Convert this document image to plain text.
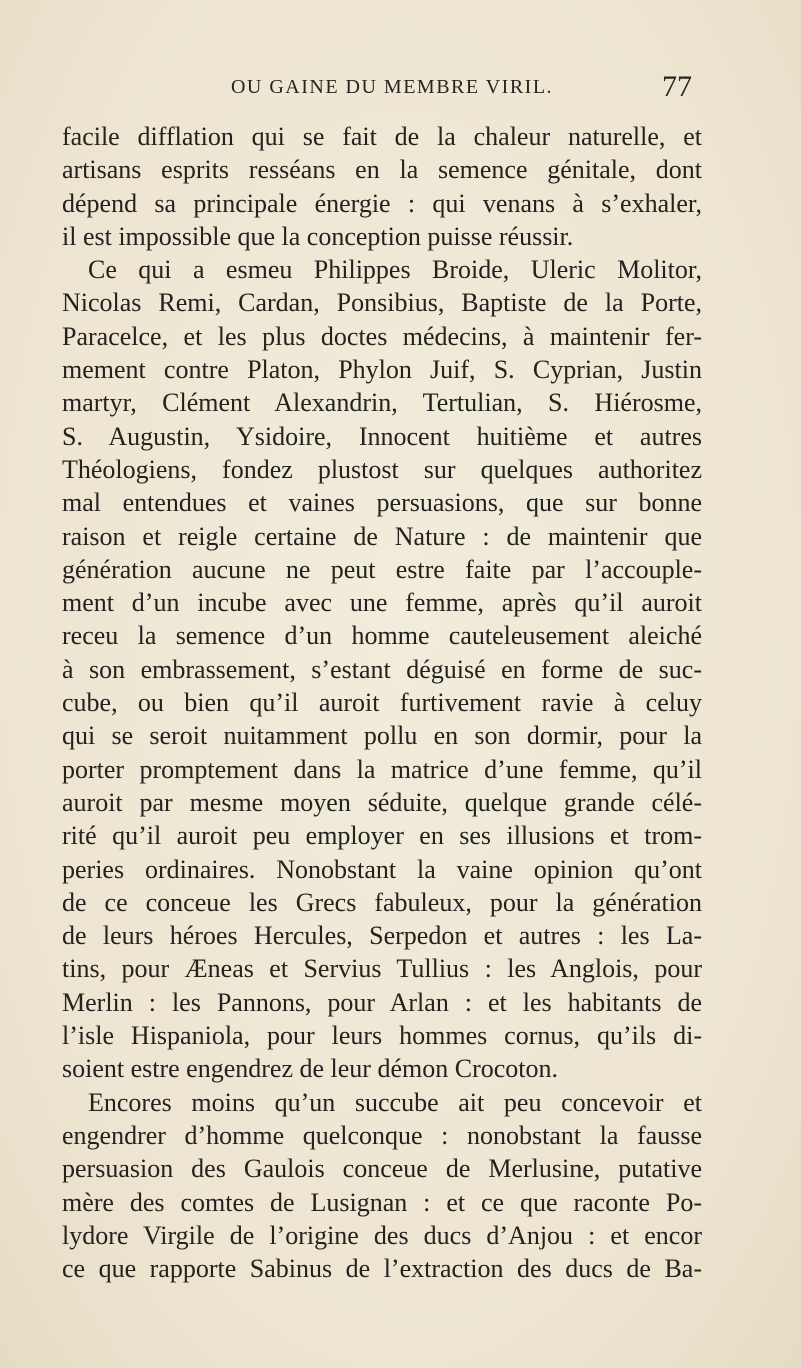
OU GAINE DU MEMBRE VIRIL.	77
facile difflation qui se fait de la chaleur naturelle, et
artisans esprits resséans en la semence génitale, dont
dépend sa principale énergie : qui venans à s’exhaler,
il est impossible que la conception puisse réussir.
Ce qui a esmeu Philippes Broide, Uleric Molitor,
Nicolas Remi, Cardan, Ponsibius, Baptiste de la Porte,
Paracelce, et les plus doctes médecins, à maintenir fer-
mement contre Platon, Phylon Juif, S. Cyprian, Justin
martyr, Clément Alexandrin, Tertulian, S. Hiérosme,
S. Augustin, Ysidoire, Innocent huitième et autres
Théologiens, fondez plustost sur quelques authoritez
mal entendues et vaines persuasions, que sur bonne
raison et reigle certaine de Nature : de maintenir que
génération aucune ne peut estre faite par l’accouple-
ment d’un incube avec une femme, après qu’il auroit
receu la semence d’un homme cauteleusement aleiché
à son embrassement, s’estant déguisé en forme de suc-
cube, ou bien qu’il auroit furtivement ravie à celuy
qui se seroit nuitamment pollu en son dormir, pour la
porter promptement dans la matrice d’une femme, qu’il
auroit par mesme moyen séduite, quelque grande célé-
rité qu’il auroit peu employer en ses illusions et trom-
peries ordinaires. Nonobstant la vaine opinion qu’ont
de ce conceue les Grecs fabuleux, pour la génération
de leurs héroes Hercules, Serpedon et autres : les La-
tins, pour Æneas et Servius Tullius : les Anglois, pour
Merlin : les Pannons, pour Arlan : et les habitants de
l’isle Hispaniola, pour leurs hommes cornus, qu’ils di-
soient estre engendrez de leur démon Crocoton.
Encores moins qu’un succube ait peu concevoir et
engendrer d’homme quelconque : nonobstant la fausse
persuasion des Gaulois conceue de Merlusine, putative
mère des comtes de Lusignan : et ce que raconte Po-
lydore Virgile de l’origine des ducs d’Anjou : et encor
ce que rapporte Sabinus de l’extraction des ducs de Ba-
